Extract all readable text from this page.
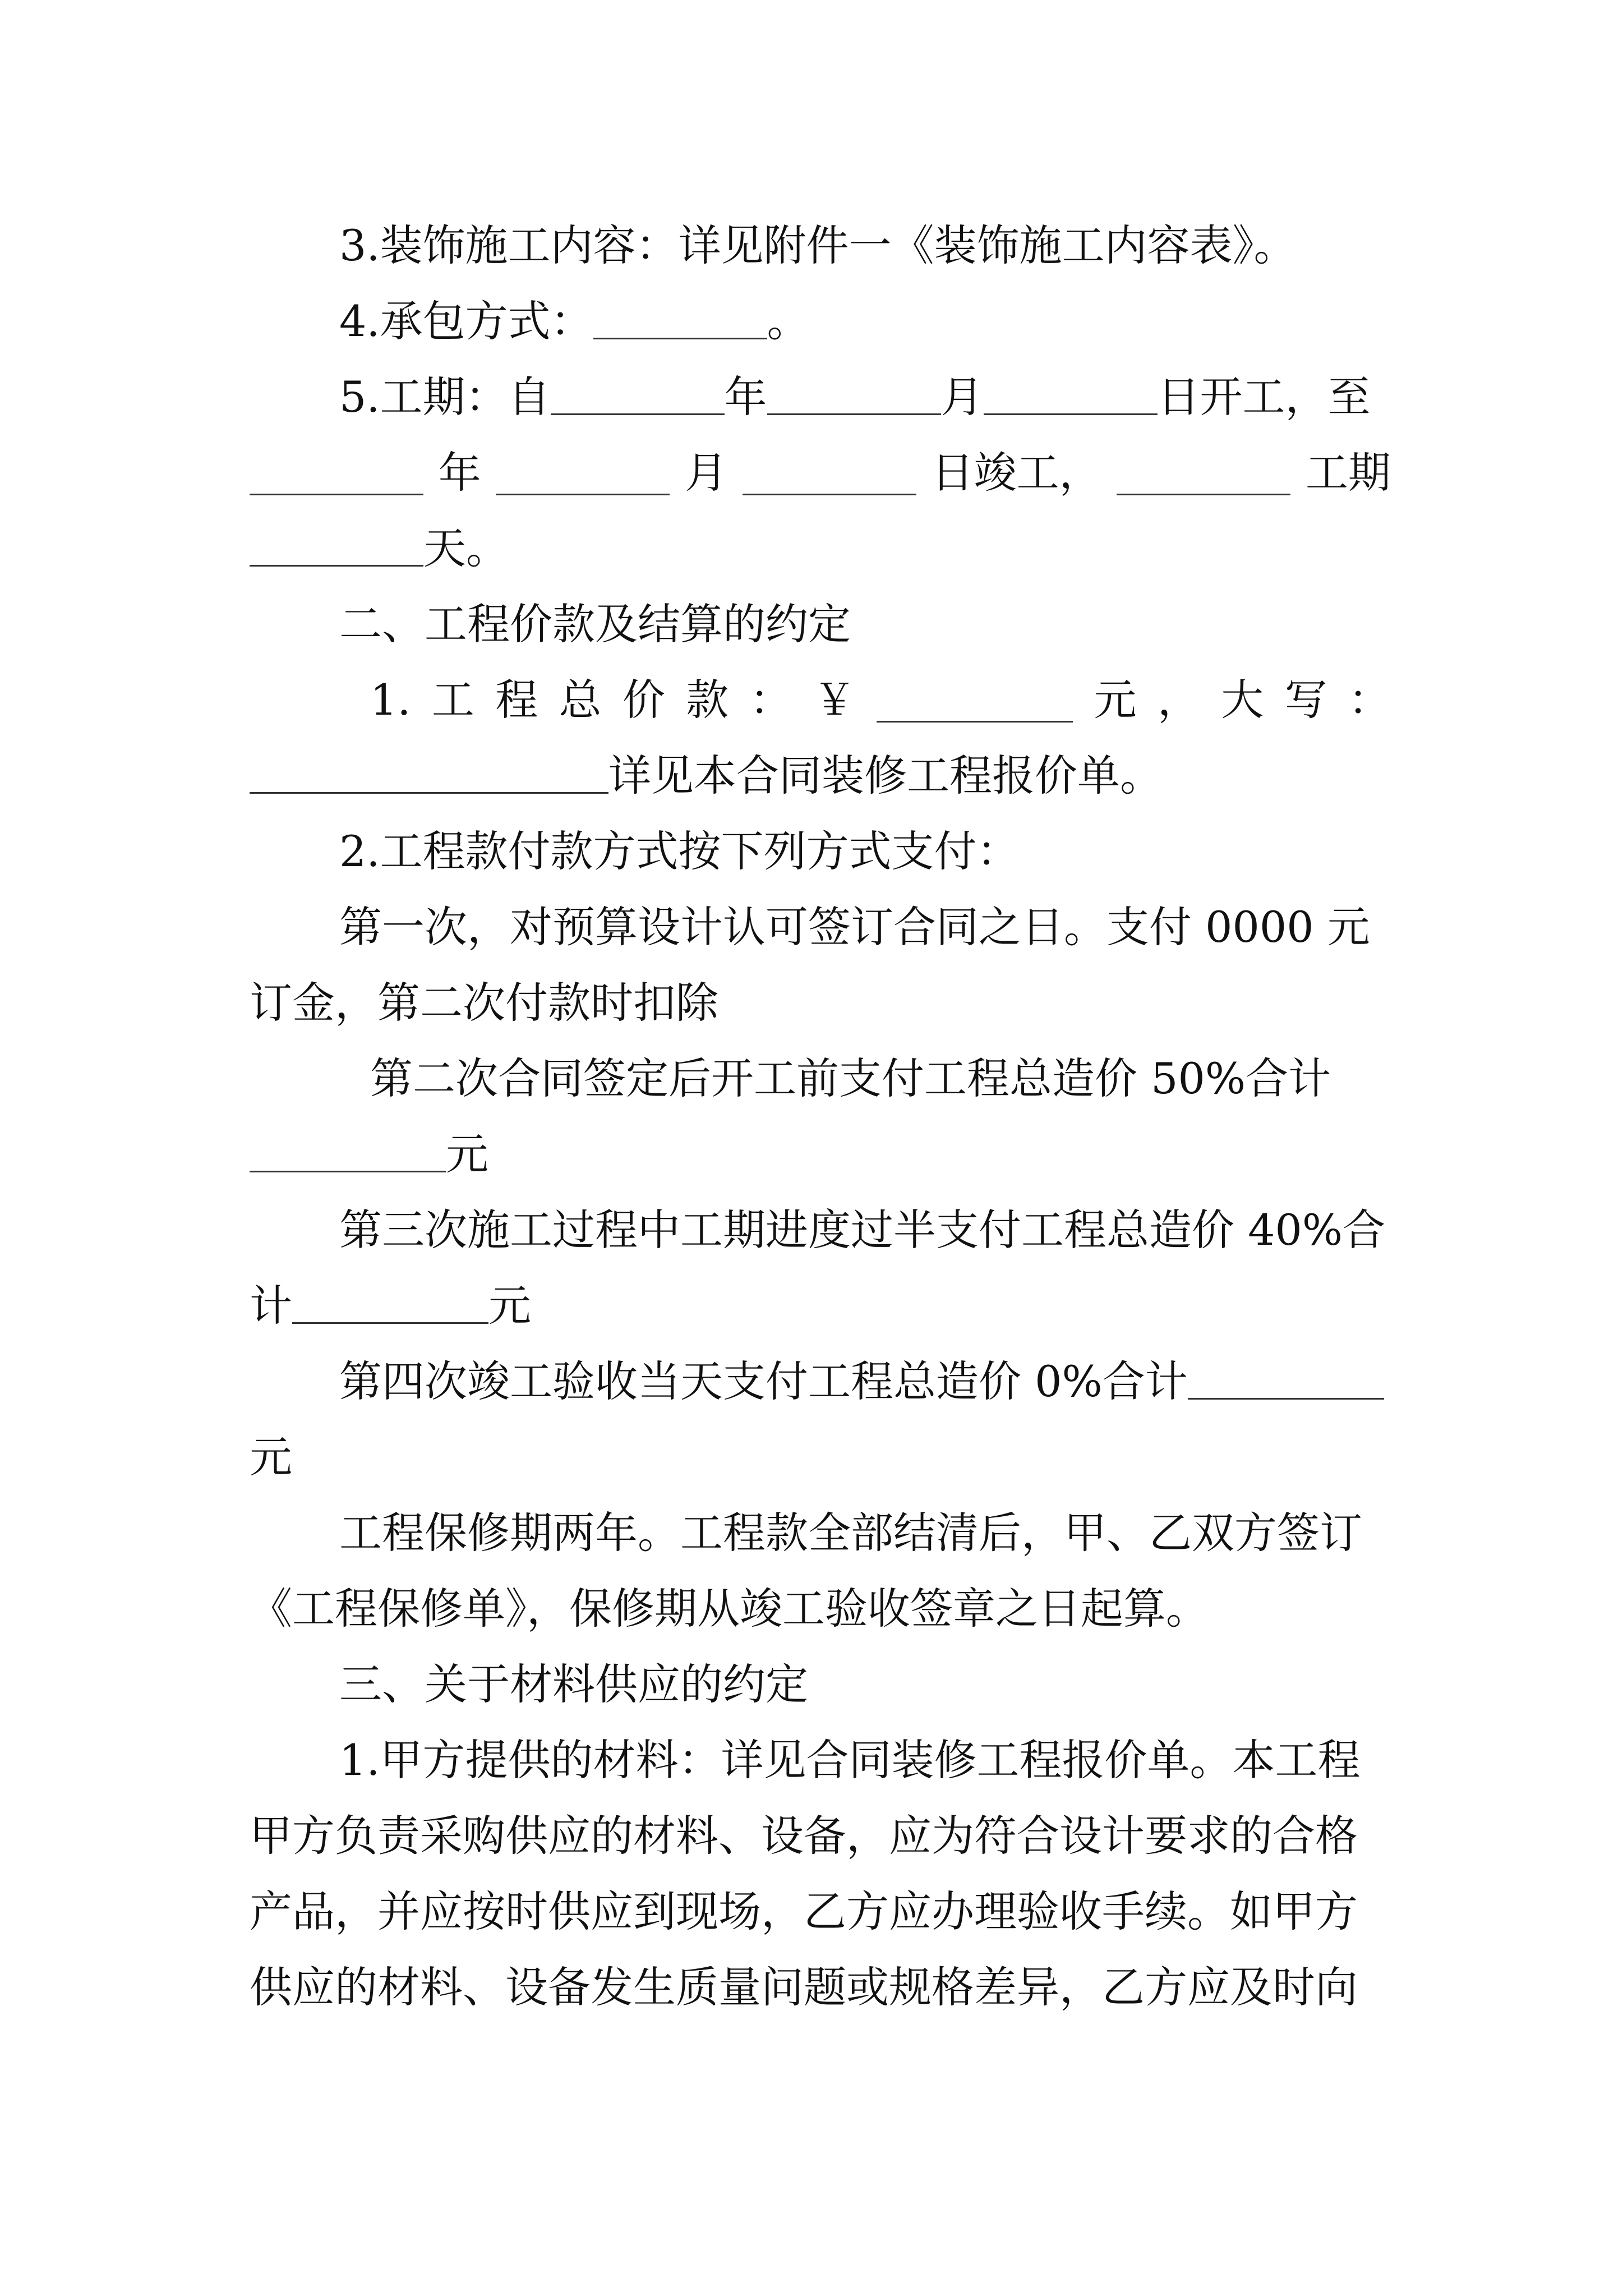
3.装饰施工内容：详见附件一《装饰施工内容表》。
4.承包方式：	。
5.工期：自	年	月	日开工，至
年	月	日竣工，	工期
天。
二、工程价款及结算的约定
1. 工 程 总 价 款 ： ￥	元 ， 大 写 ：
详见本合同装修工程报价单。
2.工程款付款方式按下列方式支付：
第一次，对预算设计认可签订合同之日。支付 0000 元
订金，第二次付款时扣除
第二次合同签定后开工前支付工程总造价 50%合计
元
第三次施工过程中工期进度过半支付工程总造价 40%合
计	元
第四次竣工验收当天支付工程总造价 0%合计
元
工程保修期两年。工程款全部结清后，甲、乙双方签订
《工程保修单》，保修期从竣工验收签章之日起算。
三、关于材料供应的约定
1.甲方提供的材料：详见合同装修工程报价单。本工程
甲方负责采购供应的材料、设备，应为符合设计要求的合格
产品，并应按时供应到现场，乙方应办理验收手续。如甲方
供应的材料、设备发生质量问题或规格差异，乙方应及时向
